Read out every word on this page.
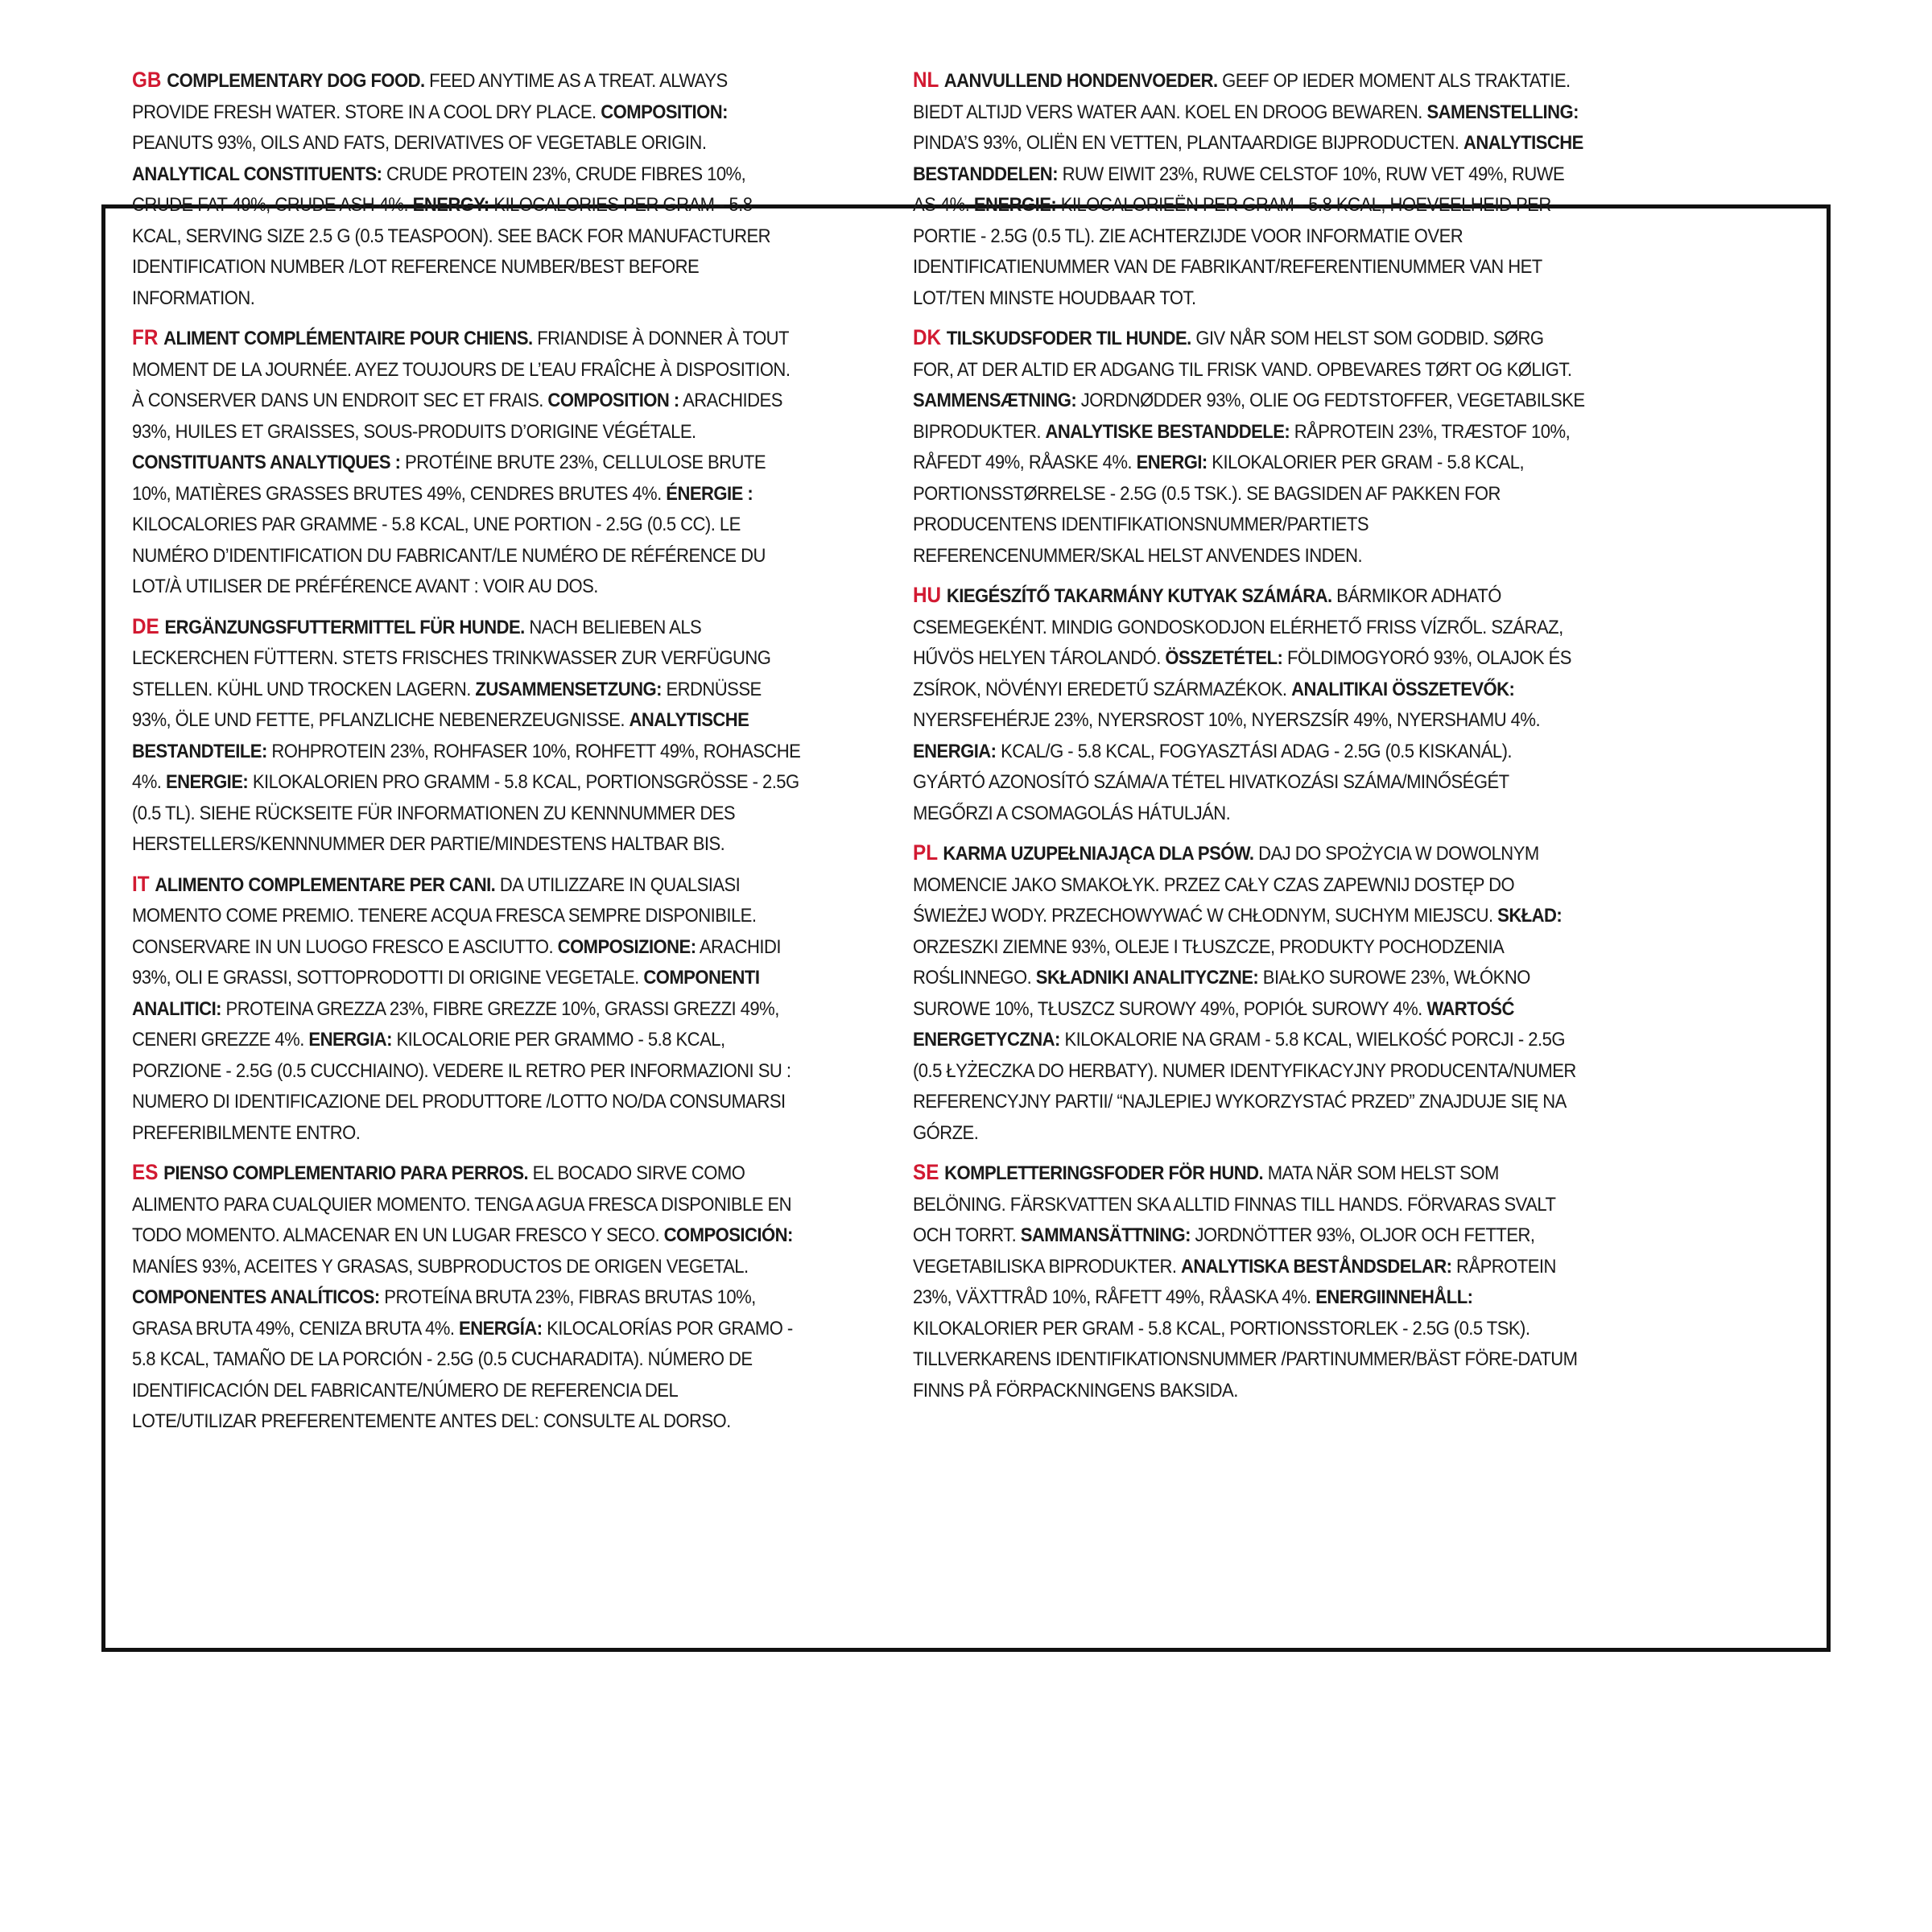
GB COMPLEMENTARY DOG FOOD. FEED ANYTIME AS A TREAT. ALWAYS PROVIDE FRESH WATER. STORE IN A COOL DRY PLACE. COMPOSITION: PEANUTS 93%, OILS AND FATS, DERIVATIVES OF VEGETABLE ORIGIN. ANALYTICAL CONSTITUENTS: CRUDE PROTEIN 23%, CRUDE FIBRES 10%, CRUDE FAT 49%, CRUDE ASH 4%. ENERGY: KILOCALORIES PER GRAM - 5.8 KCAL, SERVING SIZE 2.5 G (0.5 TEASPOON). SEE BACK FOR MANUFACTURER IDENTIFICATION NUMBER /LOT REFERENCE NUMBER/BEST BEFORE INFORMATION.

FR ALIMENT COMPLÉMENTAIRE POUR CHIENS. FRIANDISE À DONNER À TOUT MOMENT DE LA JOURNÉE. AYEZ TOUJOURS DE L’EAU FRAÎCHE À DISPOSITION. À CONSERVER DANS UN ENDROIT SEC ET FRAIS. COMPOSITION : ARACHIDES 93%, HUILES ET GRAISSES, SOUS-PRODUITS D’ORIGINE VÉGÉTALE. CONSTITUANTS ANALYTIQUES : PROTÉINE BRUTE 23%, CELLULOSE BRUTE 10%, MATIÈRES GRASSES BRUTES 49%, CENDRES BRUTES 4%. ÉNERGIE : KILOCALORIES PAR GRAMME - 5.8 KCAL, UNE PORTION - 2.5G (0.5 CC). LE NUMÉRO D’IDENTIFICATION DU FABRICANT/LE NUMÉRO DE RÉFÉRENCE DU LOT/À UTILISER DE PRÉFÉRENCE AVANT : VOIR AU DOS.

DE ERGÄNZUNGSFUTTERMITTEL FÜR HUNDE. NACH BELIEBEN ALS LECKERCHEN FÜTTERN. STETS FRISCHES TRINKWASSER ZUR VERFÜGUNG STELLEN. KÜHL UND TROCKEN LAGERN. ZUSAMMENSETZUNG: ERDNÜSSE 93%, ÖLE UND FETTE, PFLANZLICHE NEBENERZEUGNISSE. ANALYTISCHE BESTANDTEILE: ROHPROTEIN 23%, ROHFASER 10%, ROHFETT 49%, ROHASCHE 4%. ENERGIE: KILOKALORIEN PRO GRAMM - 5.8 KCAL, PORTIONSGRÖSSE - 2.5G (0.5 TL). SIEHE RÜCKSEITE FÜR INFORMATIONEN ZU KENNNUMMER DES HERSTELLERS/KENNNUMMER DER PARTIE/MINDESTENS HALTBAR BIS.

IT ALIMENTO COMPLEMENTARE PER CANI. DA UTILIZZARE IN QUALSIASI MOMENTO COME PREMIO. TENERE ACQUA FRESCA SEMPRE DISPONIBILE. CONSERVARE IN UN LUOGO FRESCO E ASCIUTTO. COMPOSIZIONE: ARACHIDI 93%, OLI E GRASSI, SOTTOPRODOTTI DI ORIGINE VEGETALE. COMPONENTI ANALITICI: PROTEINA GREZZA 23%, FIBRE GREZZE 10%, GRASSI GREZZI 49%, CENERI GREZZE 4%. ENERGIA: KILOCALORIE PER GRAMMO - 5.8 KCAL, PORZIONE - 2.5G (0.5 CUCCHIAINO). VEDERE IL RETRO PER INFORMAZIONI SU : NUMERO DI IDENTIFICAZIONE DEL PRODUTTORE /LOTTO NO/DA CONSUMARSI PREFERIBILMENTE ENTRO.

ES PIENSO COMPLEMENTARIO PARA PERROS. EL BOCADO SIRVE COMO ALIMENTO PARA CUALQUIER MOMENTO. TENGA AGUA FRESCA DISPONIBLE EN TODO MOMENTO. ALMACENAR EN UN LUGAR FRESCO Y SECO. COMPOSICIÓN: MANÍES 93%, ACEITES Y GRASAS, SUBPRODUCTOS DE ORIGEN VEGETAL. COMPONENTES ANALÍTICOS: PROTEÍNA BRUTA 23%, FIBRAS BRUTAS 10%, GRASA BRUTA 49%, CENIZA BRUTA 4%. ENERGÍA: KILOCALORÍAS POR GRAMO - 5.8 KCAL, TAMAÑO DE LA PORCIÓN - 2.5G (0.5 CUCHARADITA). NÚMERO DE IDENTIFICACIÓN DEL FABRICANTE/NÚMERO DE REFERENCIA DEL LOTE/UTILIZAR PREFERENTEMENTE ANTES DEL: CONSULTE AL DORSO.

NL AANVULLEND HONDENVOEDER. GEEF OP IEDER MOMENT ALS TRAKTATIE. BIEDT ALTIJD VERS WATER AAN. KOEL EN DROOG BEWAREN. SAMENSTELLING: PINDA’S 93%, OLIËN EN VETTEN, PLANTAARDIGE BIJPRODUCTEN. ANALYTISCHE BESTANDDELEN: RUW EIWIT 23%, RUWE CELSTOF 10%, RUW VET 49%, RUWE AS 4%. ENERGIE: KILOCALORIEËN PER GRAM - 5.8 KCAL, HOEVEELHEID PER PORTIE - 2.5G (0.5 TL). ZIE ACHTERZIJDE VOOR INFORMATIE OVER IDENTIFICATIENUMMER VAN DE FABRIKANT/REFERENTIENUMMER VAN HET LOT/TEN MINSTE HOUDBAAR TOT.

DK TILSKUDSFODER TIL HUNDE. GIV NÅR SOM HELST SOM GODBID. SØRG FOR, AT DER ALTID ER ADGANG TIL FRISK VAND. OPBEVARES TØRT OG KØLIGT. SAMMENSÆTNING: JORDNØDDER 93%, OLIE OG FEDTSTOFFER, VEGETABILSKE BIPRODUKTER. ANALYTISKE BESTANDDELE: RÅPROTEIN 23%, TRÆSTOF 10%, RÅFEDT 49%, RÅASKE 4%. ENERGI: KILOKALORIER PER GRAM - 5.8 KCAL, PORTIONSSTØRRELSE - 2.5G (0.5 TSK.). SE BAGSIDEN AF PAKKEN FOR PRODUCENTENS IDENTIFIKATIONSNUMMER/PARTIETS REFERENCENUMMER/SKAL HELST ANVENDES INDEN.

HU KIEGÉSZÍTŐ TAKARMÁNY KUTYAK SZÁMÁRA. BÁRMIKOR ADHATÓ CSEMEGEKÉNT. MINDIG GONDOSKODJON ELÉRHETŐ FRISS VÍZRŐL. SZÁRAZ, HŰVÖS HELYEN TÁROLANDÓ. ÖSSZETÉTEL: FÖLDIMOGYORÓ 93%, OLAJOK ÉS ZSÍROK, NÖVÉNYI EREDETŰ SZÁRMAZÉKOK. ANALITIKAI ÖSSZETEVŐK: NYERSFEHÉRJE 23%, NYERSROST 10%, NYERSZSÍR 49%, NYERSHAMU 4%. ENERGIA: KCAL/G - 5.8 KCAL, FOGYASZTÁSI ADAG - 2.5G (0.5 KISKANÁL). GYÁRTÓ AZONOSÍTÓ SZÁMA/A TÉTEL HIVATKOZÁSI SZÁMA/MINŐSÉGÉT MEGŐRZI A CSOMAGOLÁS HÁTULJÁN.

PL KARMA UZUPEŁNIAJĄCA DLA PSÓW. DAJ DO SPOŻYCIA W DOWOLNYM MOMENCIE JAKO SMAKOŁYK. PRZEZ CAŁY CZAS ZAPEWNIJ DOSTĘP DO ŚWIEŻEJ WODY. PRZECHOWYWAĆ W CHŁODNYM, SUCHYM MIEJSCU. SKŁAD: ORZESZKI ZIEMNE 93%, OLEJE I TŁUSZCZE, PRODUKTY POCHODZENIA ROŚLINNEGO. SKŁADNIKI ANALITYCZNE: BIAŁKO SUROWE 23%, WŁÓKNO SUROWE 10%, TŁUSZCZ SUROWY 49%, POPIÓŁ SUROWY 4%. WARTOŚĆ ENERGETYCZNA: KILOKALORIE NA GRAM - 5.8 KCAL, WIELKOŚĆ PORCJI - 2.5G (0.5 ŁYŻECZKA DO HERBATY). NUMER IDENTYFIKACYJNY PRODUCENTA/NUMER REFERENCYJNY PARTII/ “NAJLEPIEJ WYKORZYSTAĆ PRZED” ZNAJDUJE SIĘ NA GÓRZE.

SE KOMPLETTERINGSFODER FÖR HUND. MATA NÄR SOM HELST SOM BELÖNING. FÄRSKVATTEN SKA ALLTID FINNAS TILL HANDS. FÖRVARAS SVALT OCH TORRT. SAMMANSÄTTNING: JORDNÖTTER 93%, OLJOR OCH FETTER, VEGETABILISKA BIPRODUKTER. ANALYTISKA BESTÅNDSDELAR: RÅPROTEIN 23%, VÄXTTRÅD 10%, RÅFETT 49%, RÅASKA 4%. ENERGIINNEHÅLL: KILOKALORIER PER GRAM - 5.8 KCAL, PORTIONSSTORLEK - 2.5G (0.5 TSK). TILLVERKARENS IDENTIFIKATIONSNUMMER /PARTINUMMER/BÄST FÖRE-DATUM FINNS PÅ FÖRPACKNINGENS BAKSIDA.
